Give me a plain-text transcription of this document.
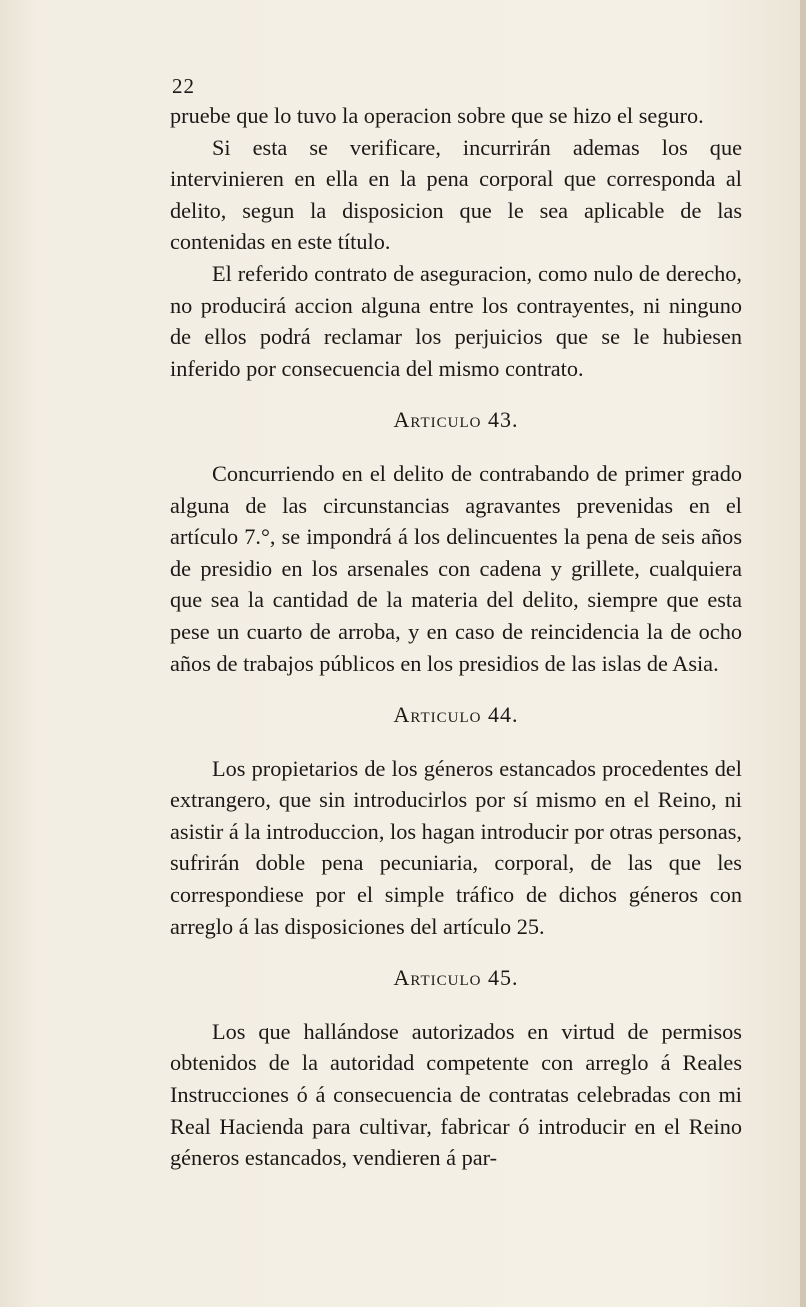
22

pruebe que lo tuvo la operacion sobre que se hizo el seguro.

Si esta se verificare, incurrirán ademas los que intervinieren en ella en la pena corporal que corresponda al delito, segun la disposicion que le sea aplicable de las contenidas en este título.

El referido contrato de aseguracion, como nulo de derecho, no producirá accion alguna entre los contrayentes, ni ninguno de ellos podrá reclamar los perjuicios que se le hubiesen inferido por consecuencia del mismo contrato.

Articulo 43.

Concurriendo en el delito de contrabando de primer grado alguna de las circunstancias agravantes prevenidas en el artículo 7.°, se impondrá á los delincuentes la pena de seis años de presidio en los arsenales con cadena y grillete, cualquiera que sea la cantidad de la materia del delito, siempre que esta pese un cuarto de arroba, y en caso de reincidencia la de ocho años de trabajos públicos en los presidios de las islas de Asia.

Articulo 44.

Los propietarios de los géneros estancados procedentes del extrangero, que sin introducirlos por sí mismo en el Reino, ni asistir á la introduccion, los hagan introducir por otras personas, sufrirán doble pena pecuniaria, corporal, de las que les correspondiese por el simple tráfico de dichos géneros con arreglo á las disposiciones del artículo 25.

Articulo 45.

Los que hallándose autorizados en virtud de permisos obtenidos de la autoridad competente con arreglo á Reales Instrucciones ó á consecuencia de contratas celebradas con mi Real Hacienda para cultivar, fabricar ó introducir en el Reino géneros estancados, vendieren á par-
